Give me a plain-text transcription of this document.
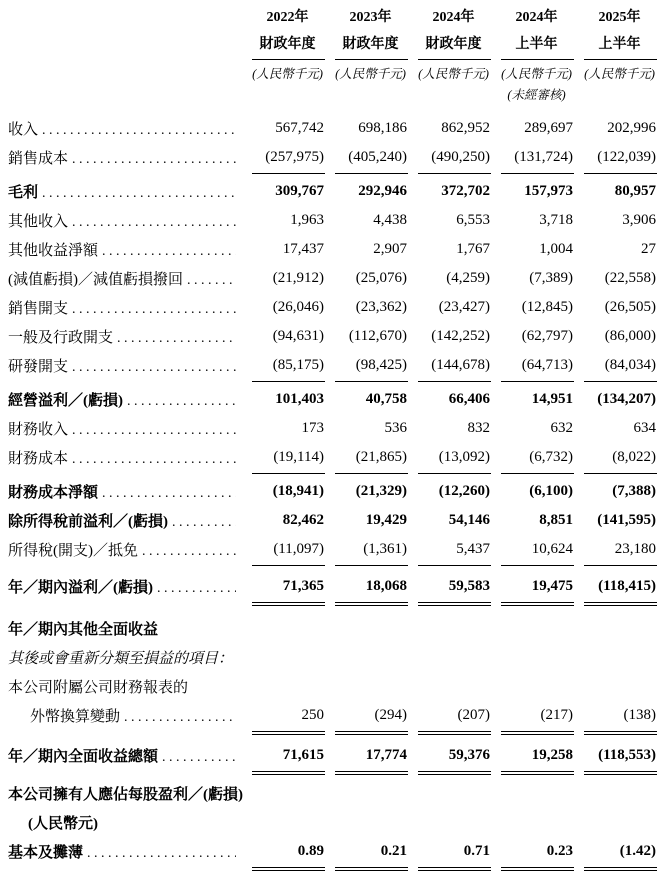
2022年
財政年度
(人民幣千元)
2023年
財政年度
(人民幣千元)
2024年
財政年度
(人民幣千元)
2024年
上半年
(人民幣千元)
(未經審核)
2025年
上半年
(人民幣千元)
收入 .....	567,742	698,186	862,952	289,697	202,996
銷售成本 .....	(257,975)	(405,240)	(490,250)	(131,724)	(122,039)
毛利 .....	309,767	292,946	372,702	157,973	80,957
其他收入 .....	1,963	4,438	6,553	3,718	3,906
其他收益淨額 .....	17,437	2,907	1,767	1,004	27
(減值虧損)／減值虧損撥回 .....	(21,912)	(25,076)	(4,259)	(7,389)	(22,558)
銷售開支 .....	(26,046)	(23,362)	(23,427)	(12,845)	(26,505)
一般及行政開支 .....	(94,631)	(112,670)	(142,252)	(62,797)	(86,000)
研發開支 .....	(85,175)	(98,425)	(144,678)	(64,713)	(84,034)
經營溢利／(虧損) .....	101,403	40,758	66,406	14,951	(134,207)
財務收入 .....	173	536	832	632	634
財務成本 .....	(19,114)	(21,865)	(13,092)	(6,732)	(8,022)
財務成本淨額 .....	(18,941)	(21,329)	(12,260)	(6,100)	(7,388)
除所得稅前溢利／(虧損) .....	82,462	19,429	54,146	8,851	(141,595)
所得稅(開支)／抵免 .....	(11,097)	(1,361)	5,437	10,624	23,180
年／期內溢利／(虧損) .....	71,365	18,068	59,583	19,475	(118,415)
年／期內其他全面收益
其後或會重新分類至損益的項目：
本公司附屬公司財務報表的
外幣換算變動 .....	250	(294)	(207)	(217)	(138)
年／期內全面收益總額 .....	71,615	17,774	59,376	19,258	(118,553)
本公司擁有人應佔每股盈利／(虧損)
(人民幣元)
基本及攤薄 .....	0.89	0.21	0.71	0.23	(1.42)
